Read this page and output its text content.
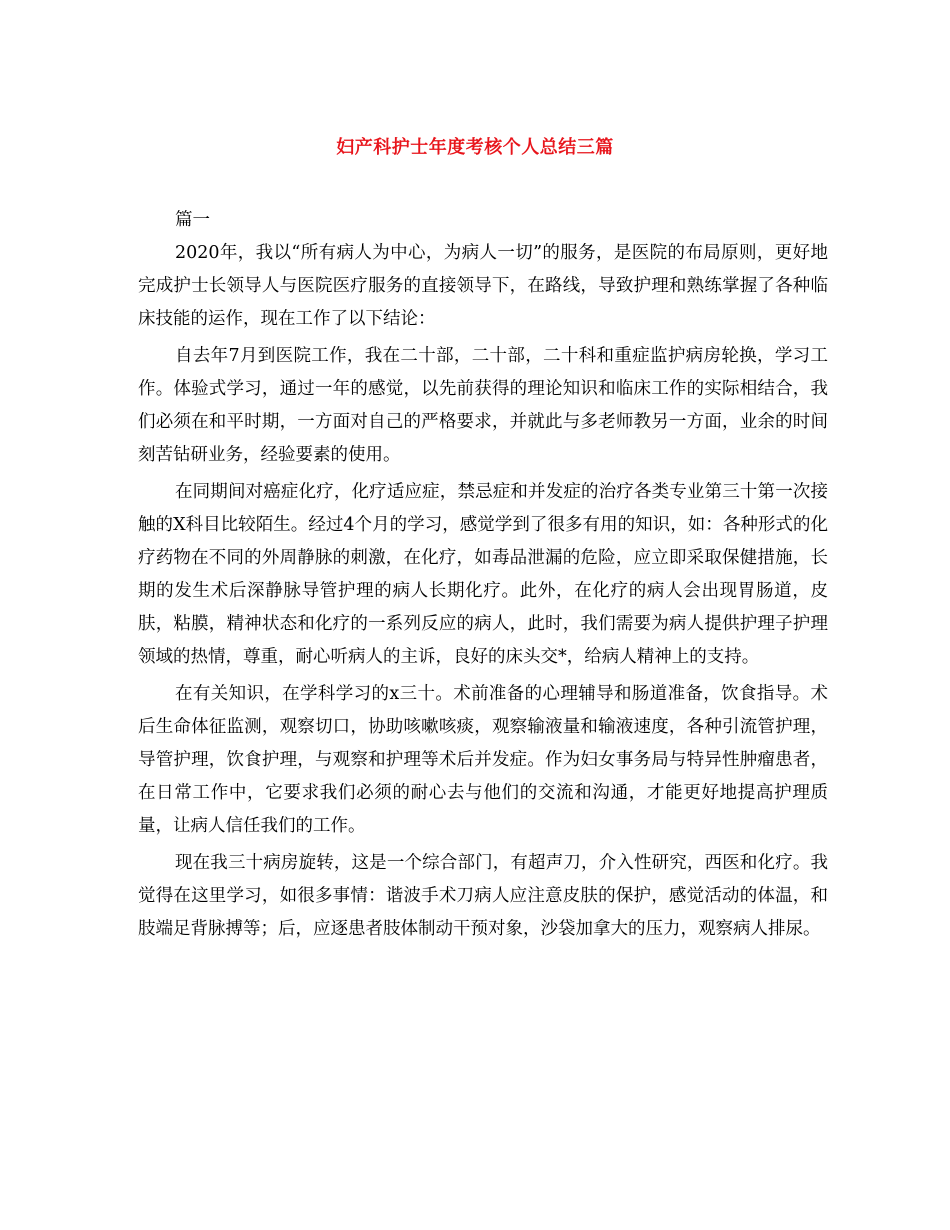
妇产科护士年度考核个人总结三篇

篇一

2020年，我以“所有病人为中心，为病人一切”的服务，是医院的布局原则，更好地完成护士长领导人与医院医疗服务的直接领导下，在路线，导致护理和熟练掌握了各种临床技能的运作，现在工作了以下结论：

自去年7月到医院工作，我在二十部，二十部，二十科和重症监护病房轮换，学习工作。体验式学习，通过一年的感觉，以先前获得的理论知识和临床工作的实际相结合，我们必须在和平时期，一方面对自己的严格要求，并就此与多老师教另一方面，业余的时间刻苦钻研业务，经验要素的使用。

在同期间对癌症化疗，化疗适应症，禁忌症和并发症的治疗各类专业第三十第一次接触的X科目比较陌生。经过4个月的学习，感觉学到了很多有用的知识，如：各种形式的化疗药物在不同的外周静脉的刺激，在化疗，如毒品泄漏的危险，应立即采取保健措施，长期的发生术后深静脉导管护理的病人长期化疗。此外，在化疗的病人会出现胃肠道，皮肤，粘膜，精神状态和化疗的一系列反应的病人，此时，我们需要为病人提供护理子护理领域的热情，尊重，耐心听病人的主诉，良好的床头交*，给病人精神上的支持。

在有关知识，在学科学习的x三十。术前准备的心理辅导和肠道准备，饮食指导。术后生命体征监测，观察切口，协助咳嗽咳痰，观察输液量和输液速度，各种引流管护理，导管护理，饮食护理，与观察和护理等术后并发症。作为妇女事务局与特异性肿瘤患者，在日常工作中，它要求我们必须的耐心去与他们的交流和沟通，才能更好地提高护理质量，让病人信任我们的工作。

现在我三十病房旋转，这是一个综合部门，有超声刀，介入性研究，西医和化疗。我觉得在这里学习，如很多事情：谐波手术刀病人应注意皮肤的保护，感觉活动的体温，和肢端足背脉搏等；后，应逐患者肢体制动干预对象，沙袋加拿大的压力，观察病人排尿。
